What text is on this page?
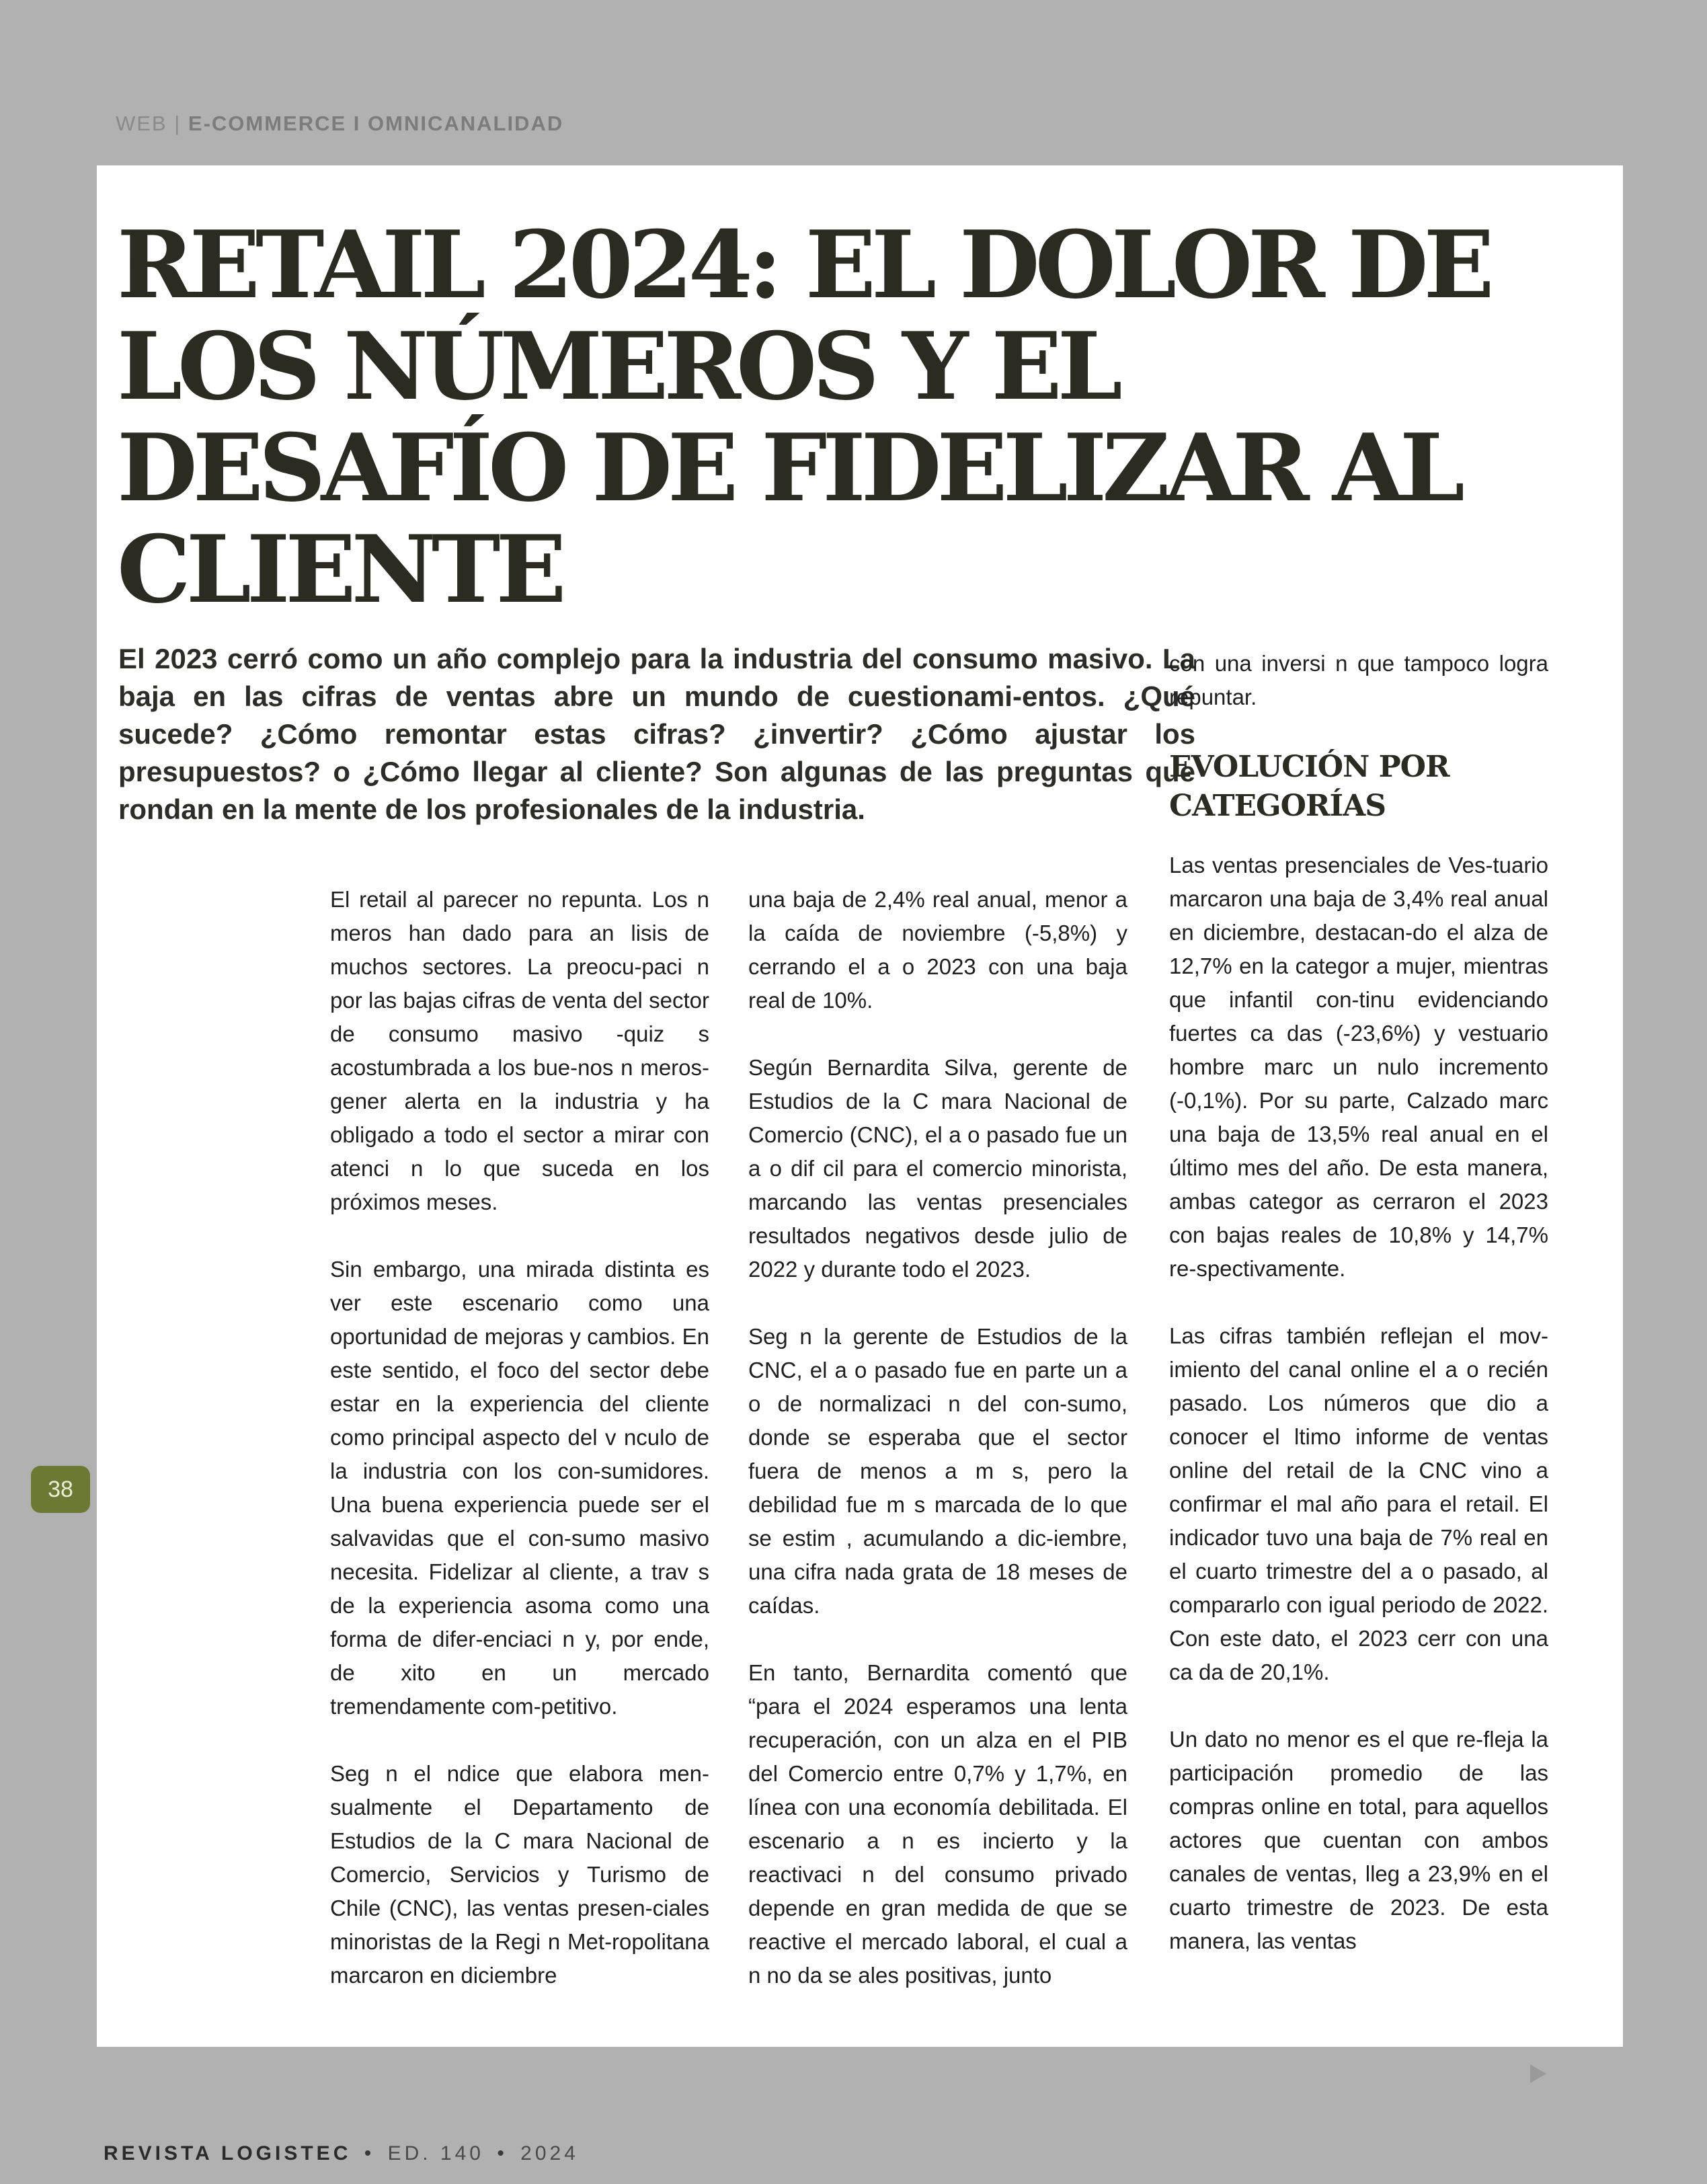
WEB | E-COMMERCE I OMNICANALIDAD
RETAIL 2024: EL DOLOR DE LOS NÚMEROS Y EL DESAFÍO DE FIDELIZAR AL CLIENTE

El 2023 cerró como un año complejo para la industria del consumo masivo. La baja en las cifras de ventas abre un mundo de cuestionami-entos. ¿Qué sucede? ¿Cómo remontar estas cifras? ¿invertir? ¿Cómo ajustar los presupuestos? o ¿Cómo llegar al cliente? Son algunas de las preguntas que rondan en la mente de los profesionales de la industria.

El retail al parecer no repunta. Los n meros han dado para an lisis de muchos sectores. La preocu-paci n por las bajas cifras de venta del sector de consumo masivo -quiz s acostumbrada a los bue-nos n meros- gener alerta en la industria y ha obligado a todo el sector a mirar con atenci n lo que suceda en los próximos meses.

Sin embargo, una mirada distinta es ver este escenario como una oportunidad de mejoras y cambios. En este sentido, el foco del sector debe estar en la experiencia del cliente como principal aspecto del v nculo de la industria con los con-sumidores. Una buena experiencia puede ser el salvavidas que el con-sumo masivo necesita. Fidelizar al cliente, a trav s de la experiencia asoma como una forma de difer-enciaci n y, por ende, de xito en un mercado tremendamente com-petitivo.

Seg n el ndice que elabora men-sualmente el Departamento de Estudios de la C mara Nacional de Comercio, Servicios y Turismo de Chile (CNC), las ventas presen-ciales minoristas de la Regi n Met-ropolitana marcaron en diciembre

una baja de 2,4% real anual, menor a la caída de noviembre (-5,8%) y cerrando el a o 2023 con una baja real de 10%.

Según Bernardita Silva, gerente de Estudios de la C mara Nacional de Comercio (CNC), el a o pasado fue un a o dif cil para el comercio minorista, marcando las ventas presenciales resultados negativos desde julio de 2022 y durante todo el 2023.

Seg n la gerente de Estudios de la CNC, el a o pasado fue en parte un a o de normalizaci n del con-sumo, donde se esperaba que el sector fuera de menos a m s, pero la debilidad fue m s marcada de lo que se estim , acumulando a dic-iembre, una cifra nada grata de 18 meses de caídas.

En tanto, Bernardita comentó que “para el 2024 esperamos una lenta recuperación, con un alza en el PIB del Comercio entre 0,7% y 1,7%, en línea con una economía debilitada. El escenario a n es incierto y la reactivaci n del consumo privado depende en gran medida de que se reactive el mercado laboral, el cual a n no da se ales positivas, junto

con una inversi n que tampoco logra repuntar.

EVOLUCIÓN POR CATEGORÍAS

Las ventas presenciales de Ves-tuario marcaron una baja de 3,4% real anual en diciembre, destacan-do el alza de 12,7% en la categor a mujer, mientras que infantil con-tinu evidenciando fuertes ca das (-23,6%) y vestuario hombre marc un nulo incremento (-0,1%). Por su parte, Calzado marc una baja de 13,5% real anual en el último mes del año. De esta manera, ambas categor as cerraron el 2023 con bajas reales de 10,8% y 14,7% re-spectivamente.

Las cifras también reflejan el mov-imiento del canal online el a o recién pasado. Los números que dio a conocer el ltimo informe de ventas online del retail de la CNC vino a confirmar el mal año para el retail. El indicador tuvo una baja de 7% real en el cuarto trimestre del a o pasado, al compararlo con igual periodo de 2022. Con este dato, el 2023 cerr con una ca da de 20,1%.

Un dato no menor es el que re-fleja la participación promedio de las compras online en total, para aquellos actores que cuentan con ambos canales de ventas, lleg a 23,9% en el cuarto trimestre de 2023. De esta manera, las ventas

38
REVISTA LOGISTEC • ED. 140 • 2024
